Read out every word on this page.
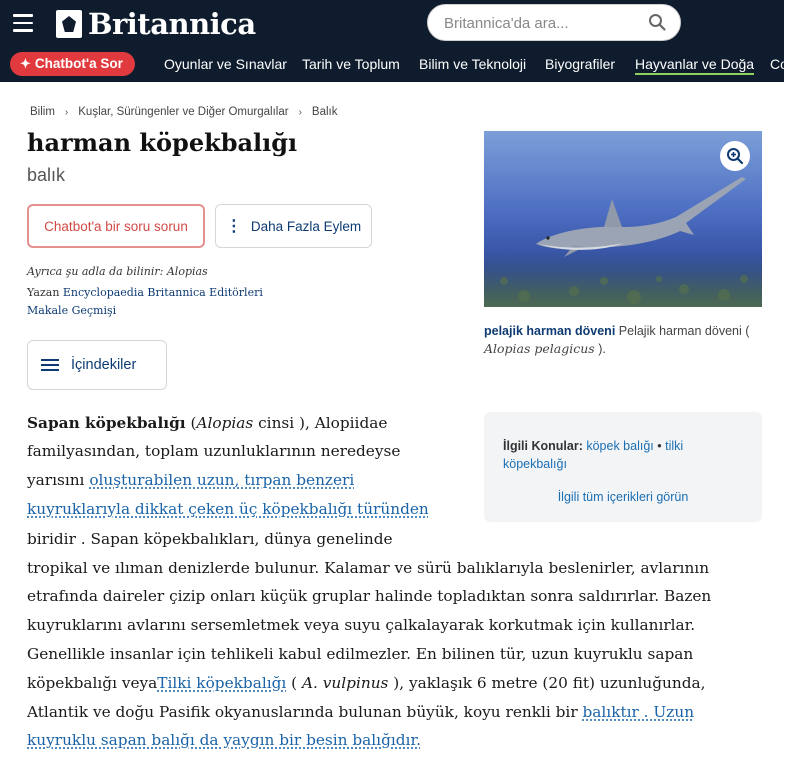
Britannica
Britannica'da ara...
✦ Chatbot'a Sor	Oyunlar ve Sınavlar Tarih ve Toplum Bilim ve Teknoloji Biyografiler Hayvanlar ve Doğa Co
Bilim › Kuşlar, Sürüngenler ve Diğer Omurgalılar › Balık
harman köpekbalığı
balık
Chatbot'a bir soru sorun	⋮ Daha Fazla Eylem
Ayrıca şu adla da bilinir: Alopias
Yazan Encyclopaedia Britannica Editörleri
Makale Geçmişi
İçindekiler
pelajik harman döveni Pelajik harman döveni ( Alopias pelagicus ).
İlgili Konular: köpek balığı • tilki köpekbalığı
İlgili tüm içerikleri görün
Sapan köpekbalığı (Alopias cinsi ), Alopiidae
familyasından, toplam uzunluklarının neredeyse
yarısını oluşturabilen uzun, tırpan benzeri
kuyruklarıyla dikkat çeken üç köpekbalığı türünden
biridir . Sapan köpekbalıkları, dünya genelinde
tropikal ve ılıman denizlerde bulunur. Kalamar ve sürü balıklarıyla beslenirler, avlarının
etrafında daireler çizip onları küçük gruplar halinde topladıktan sonra saldırırlar. Bazen
kuyruklarını avlarını sersemletmek veya suyu çalkalayarak korkutmak için kullanırlar.
Genellikle insanlar için tehlikeli kabul edilmezler. En bilinen tür, uzun kuyruklu sapan
köpekbalığı veyaTilki köpekbalığı ( A. vulpinus ), yaklaşık 6 metre (20 fit) uzunluğunda,
Atlantik ve doğu Pasifik okyanuslarında bulunan büyük, koyu renkli bir balıktır . Uzun
kuyruklu sapan balığı da yaygın bir besin balığıdır.
